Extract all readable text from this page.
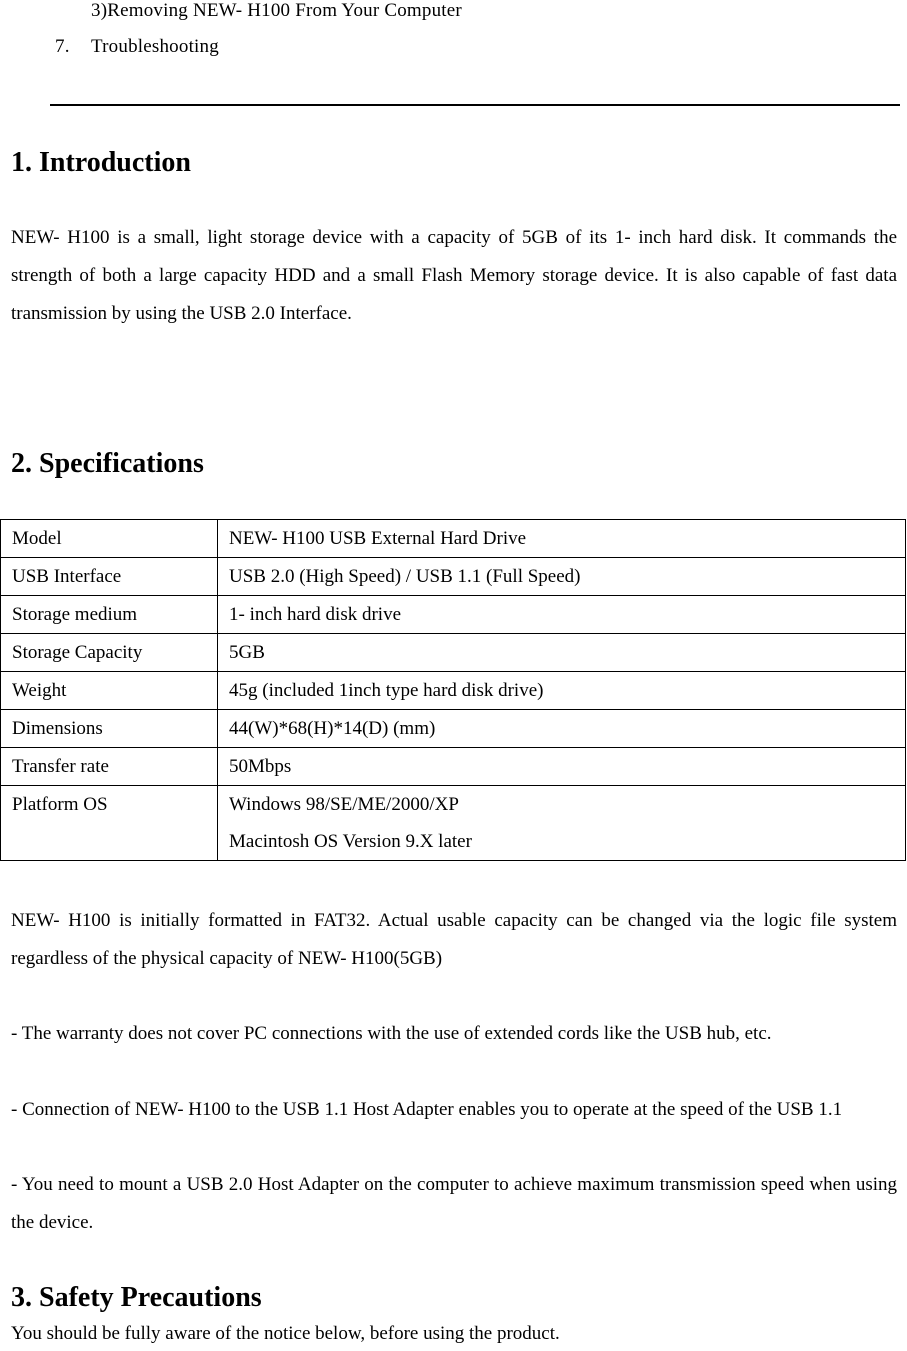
3)Removing NEW- H100 From Your Computer
7. Troubleshooting
1. Introduction

NEW- H100 is a small, light storage device with a capacity of 5GB of its 1- inch hard disk. It commands the strength of both a large capacity HDD and a small Flash Memory storage device. It is also capable of fast data transmission by using the USB 2.0 Interface.

2. Specifications
Model	NEW- H100 USB External Hard Drive
USB Interface	USB 2.0 (High Speed) / USB 1.1 (Full Speed)
Storage medium	1- inch hard disk drive
Storage Capacity	5GB
Weight	45g (included 1inch type hard disk drive)
Dimensions	44(W)*68(H)*14(D) (mm)
Transfer rate	50Mbps

Platform OS	Windows 98/SE/ME/2000/XP
Macintosh OS Version 9.X later

NEW- H100 is initially formatted in FAT32. Actual usable capacity can be changed via the logic file system regardless of the physical capacity of NEW- H100(5GB)

- The warranty does not cover PC connections with the use of extended cords like the USB hub, etc.

- Connection of NEW- H100 to the USB 1.1 Host Adapter enables you to operate at the speed of the USB 1.1

- You need to mount a USB 2.0 Host Adapter on the computer to achieve maximum transmission speed when using the device.

3. Safety Precautions

You should be fully aware of the notice below, before using the product.
